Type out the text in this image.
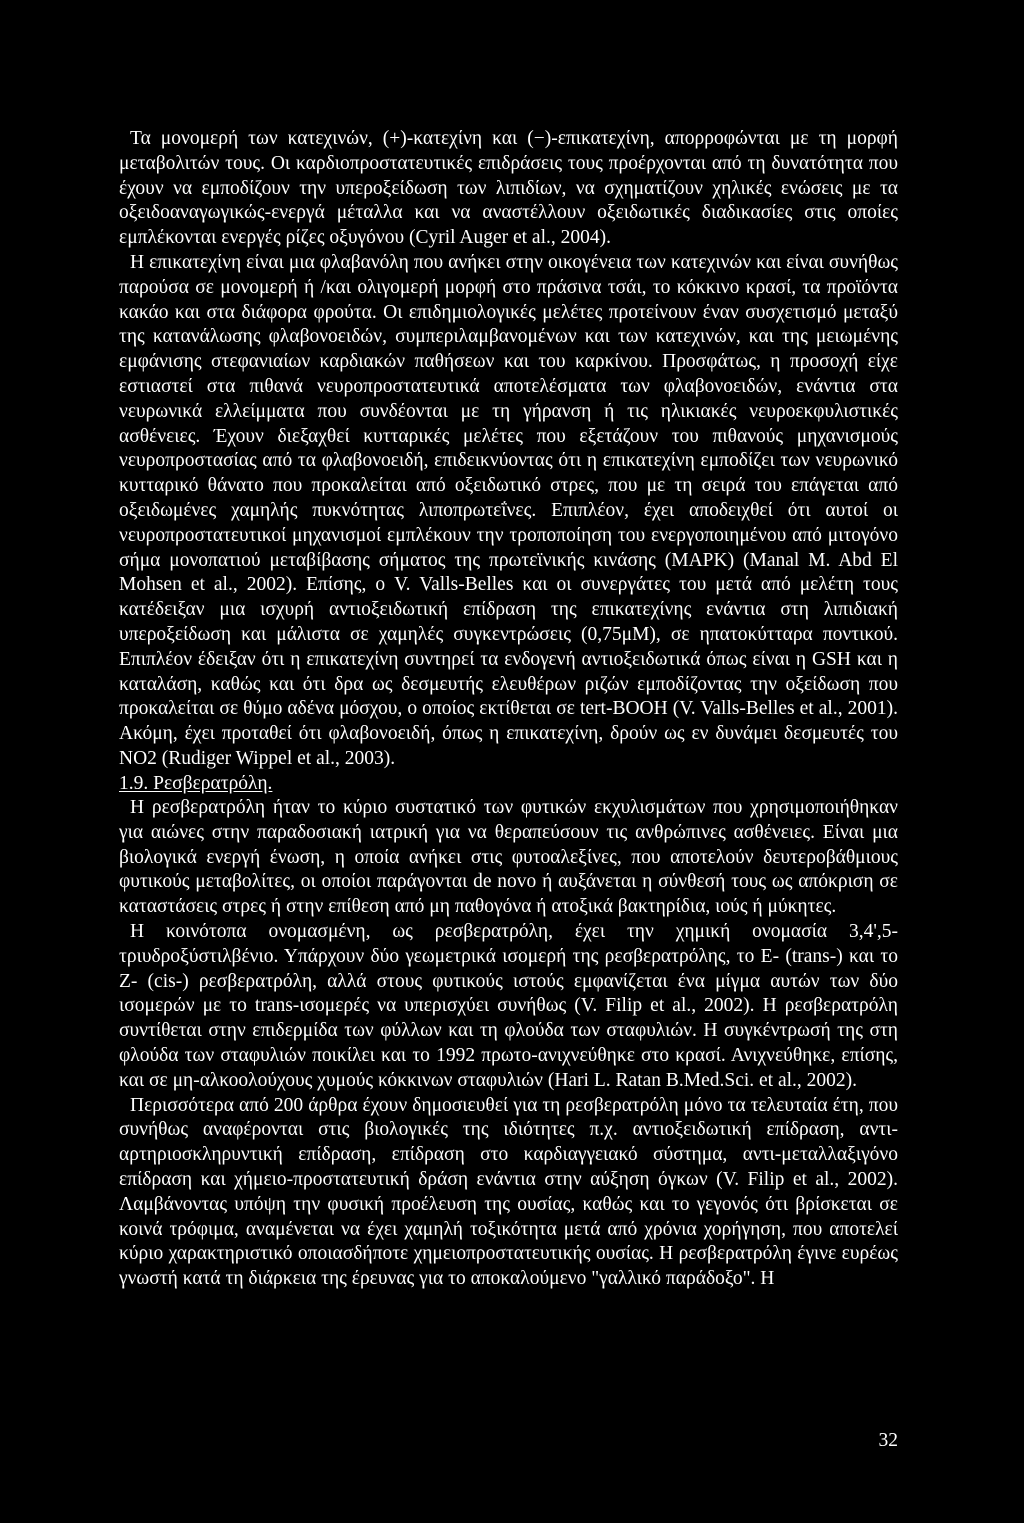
Τα μονομερή των κατεχινών, (+)-κατεχίνη και (−)-επικατεχίνη, απορροφώνται με τη μορφή μεταβολιτών τους. Οι καρδιοπροστατευτικές επιδράσεις τους προέρχονται από τη δυνατότητα που έχουν να εμποδίζουν την υπεροξείδωση των λιπιδίων, να σχηματίζουν χηλικές ενώσεις με τα οξειδοαναγωγικώς-ενεργά μέταλλα και να αναστέλλουν οξειδωτικές διαδικασίες στις οποίες εμπλέκονται ενεργές ρίζες οξυγόνου (Cyril Auger et al., 2004).

Η επικατεχίνη είναι μια φλαβανόλη που ανήκει στην οικογένεια των κατεχινών και είναι συνήθως παρούσα σε μονομερή ή /και ολιγομερή μορφή στο πράσινα τσάι, το κόκκινο κρασί, τα προϊόντα κακάο και στα διάφορα φρούτα. Οι επιδημιολογικές μελέτες προτείνουν έναν συσχετισμό μεταξύ της κατανάλωσης φλαβονοειδών, συμπεριλαμβανομένων και των κατεχινών, και της μειωμένης εμφάνισης στεφανιαίων καρδιακών παθήσεων και του καρκίνου. Προσφάτως, η προσοχή είχε εστιαστεί στα πιθανά νευροπροστατευτικά αποτελέσματα των φλαβονοειδών, ενάντια στα νευρωνικά ελλείμματα που συνδέονται με τη γήρανση ή τις ηλικιακές νευροεκφυλιστικές ασθένειες. Έχουν διεξαχθεί κυτταρικές μελέτες που εξετάζουν του πιθανούς μηχανισμούς νευροπροστασίας από τα φλαβονοειδή, επιδεικνύοντας ότι η επικατεχίνη εμποδίζει των νευρωνικό κυτταρικό θάνατο που προκαλείται από οξειδωτικό στρες, που με τη σειρά του επάγεται από οξειδωμένες χαμηλής πυκνότητας λιποπρωτεΐνες. Επιπλέον, έχει αποδειχθεί ότι αυτοί οι νευροπροστατευτικοί μηχανισμοί εμπλέκουν την τροποποίηση του ενεργοποιημένου από μιτογόνο σήμα μονοπατιού μεταβίβασης σήματος της πρωτεϊνικής κινάσης (MAPK) (Manal M. Abd El Mohsen et al., 2002). Επίσης, ο V. Valls-Belles και οι συνεργάτες του μετά από μελέτη τους κατέδειξαν μια ισχυρή αντιοξειδωτική επίδραση της επικατεχίνης ενάντια στη λιπιδιακή υπεροξείδωση και μάλιστα σε χαμηλές συγκεντρώσεις (0,75μΜ), σε ηπατοκύτταρα ποντικού. Επιπλέον έδειξαν ότι η επικατεχίνη συντηρεί τα ενδογενή αντιοξειδωτικά όπως είναι η GSH και η καταλάση, καθώς και ότι δρα ως δεσμευτής ελευθέρων ριζών εμποδίζοντας την οξείδωση που προκαλείται σε θύμο αδένα μόσχου, ο οποίος εκτίθεται σε tert-BOOH (V. Valls-Belles et al., 2001). Ακόμη, έχει προταθεί ότι φλαβονοειδή, όπως η επικατεχίνη, δρούν ως εν δυνάμει δεσμευτές του NO2 (Rudiger Wippel et al., 2003).

1.9. Ρεσβερατρόλη.

Η ρεσβερατρόλη ήταν το κύριο συστατικό των φυτικών εκχυλισμάτων που χρησιμοποιήθηκαν για αιώνες στην παραδοσιακή ιατρική για να θεραπεύσουν τις ανθρώπινες ασθένειες. Είναι μια βιολογικά ενεργή ένωση, η οποία ανήκει στις φυτοαλεξίνες, που αποτελούν δευτεροβάθμιους φυτικούς μεταβολίτες, οι οποίοι παράγονται de novo ή αυξάνεται η σύνθεσή τους ως απόκριση σε καταστάσεις στρες ή στην επίθεση από μη παθογόνα ή ατοξικά βακτηρίδια, ιούς ή μύκητες.

Η κοινότοπα ονομασμένη, ως ρεσβερατρόλη, έχει την χημική ονομασία 3,4',5-τριυδροξύστιλβένιο. Υπάρχουν δύο γεωμετρικά ισομερή της ρεσβερατρόλης, το E- (trans-) και το Z- (cis-) ρεσβερατρόλη, αλλά στους φυτικούς ιστούς εμφανίζεται ένα μίγμα αυτών των δύο ισομερών με το trans-ισομερές να υπερισχύει συνήθως (V. Filip et al., 2002). Η ρεσβερατρόλη συντίθεται στην επιδερμίδα των φύλλων και τη φλούδα των σταφυλιών. Η συγκέντρωσή της στη φλούδα των σταφυλιών ποικίλει και το 1992 πρωτο-ανιχνεύθηκε στο κρασί. Ανιχνεύθηκε, επίσης, και σε μη-αλκοολούχους χυμούς κόκκινων σταφυλιών (Hari L. Ratan B.Med.Sci. et al., 2002).

Περισσότερα από 200 άρθρα έχουν δημοσιευθεί για τη ρεσβερατρόλη μόνο τα τελευταία έτη, που συνήθως αναφέρονται στις βιολογικές της ιδιότητες π.χ. αντιοξειδωτική επίδραση, αντι-αρτηριοσκληρυντική επίδραση, επίδραση στο καρδιαγγειακό σύστημα, αντι-μεταλλαξιγόνο επίδραση και χήμειο-προστατευτική δράση ενάντια στην αύξηση όγκων (V. Filip et al., 2002). Λαμβάνοντας υπόψη την φυσική προέλευση της ουσίας, καθώς και το γεγονός ότι βρίσκεται σε κοινά τρόφιμα, αναμένεται να έχει χαμηλή τοξικότητα μετά από χρόνια χορήγηση, που αποτελεί κύριο χαρακτηριστικό οποιασδήποτε χημειοπροστατευτικής ουσίας. Η ρεσβερατρόλη έγινε ευρέως γνωστή κατά τη διάρκεια της έρευνας για το αποκαλούμενο "γαλλικό παράδοξο". Η

32
